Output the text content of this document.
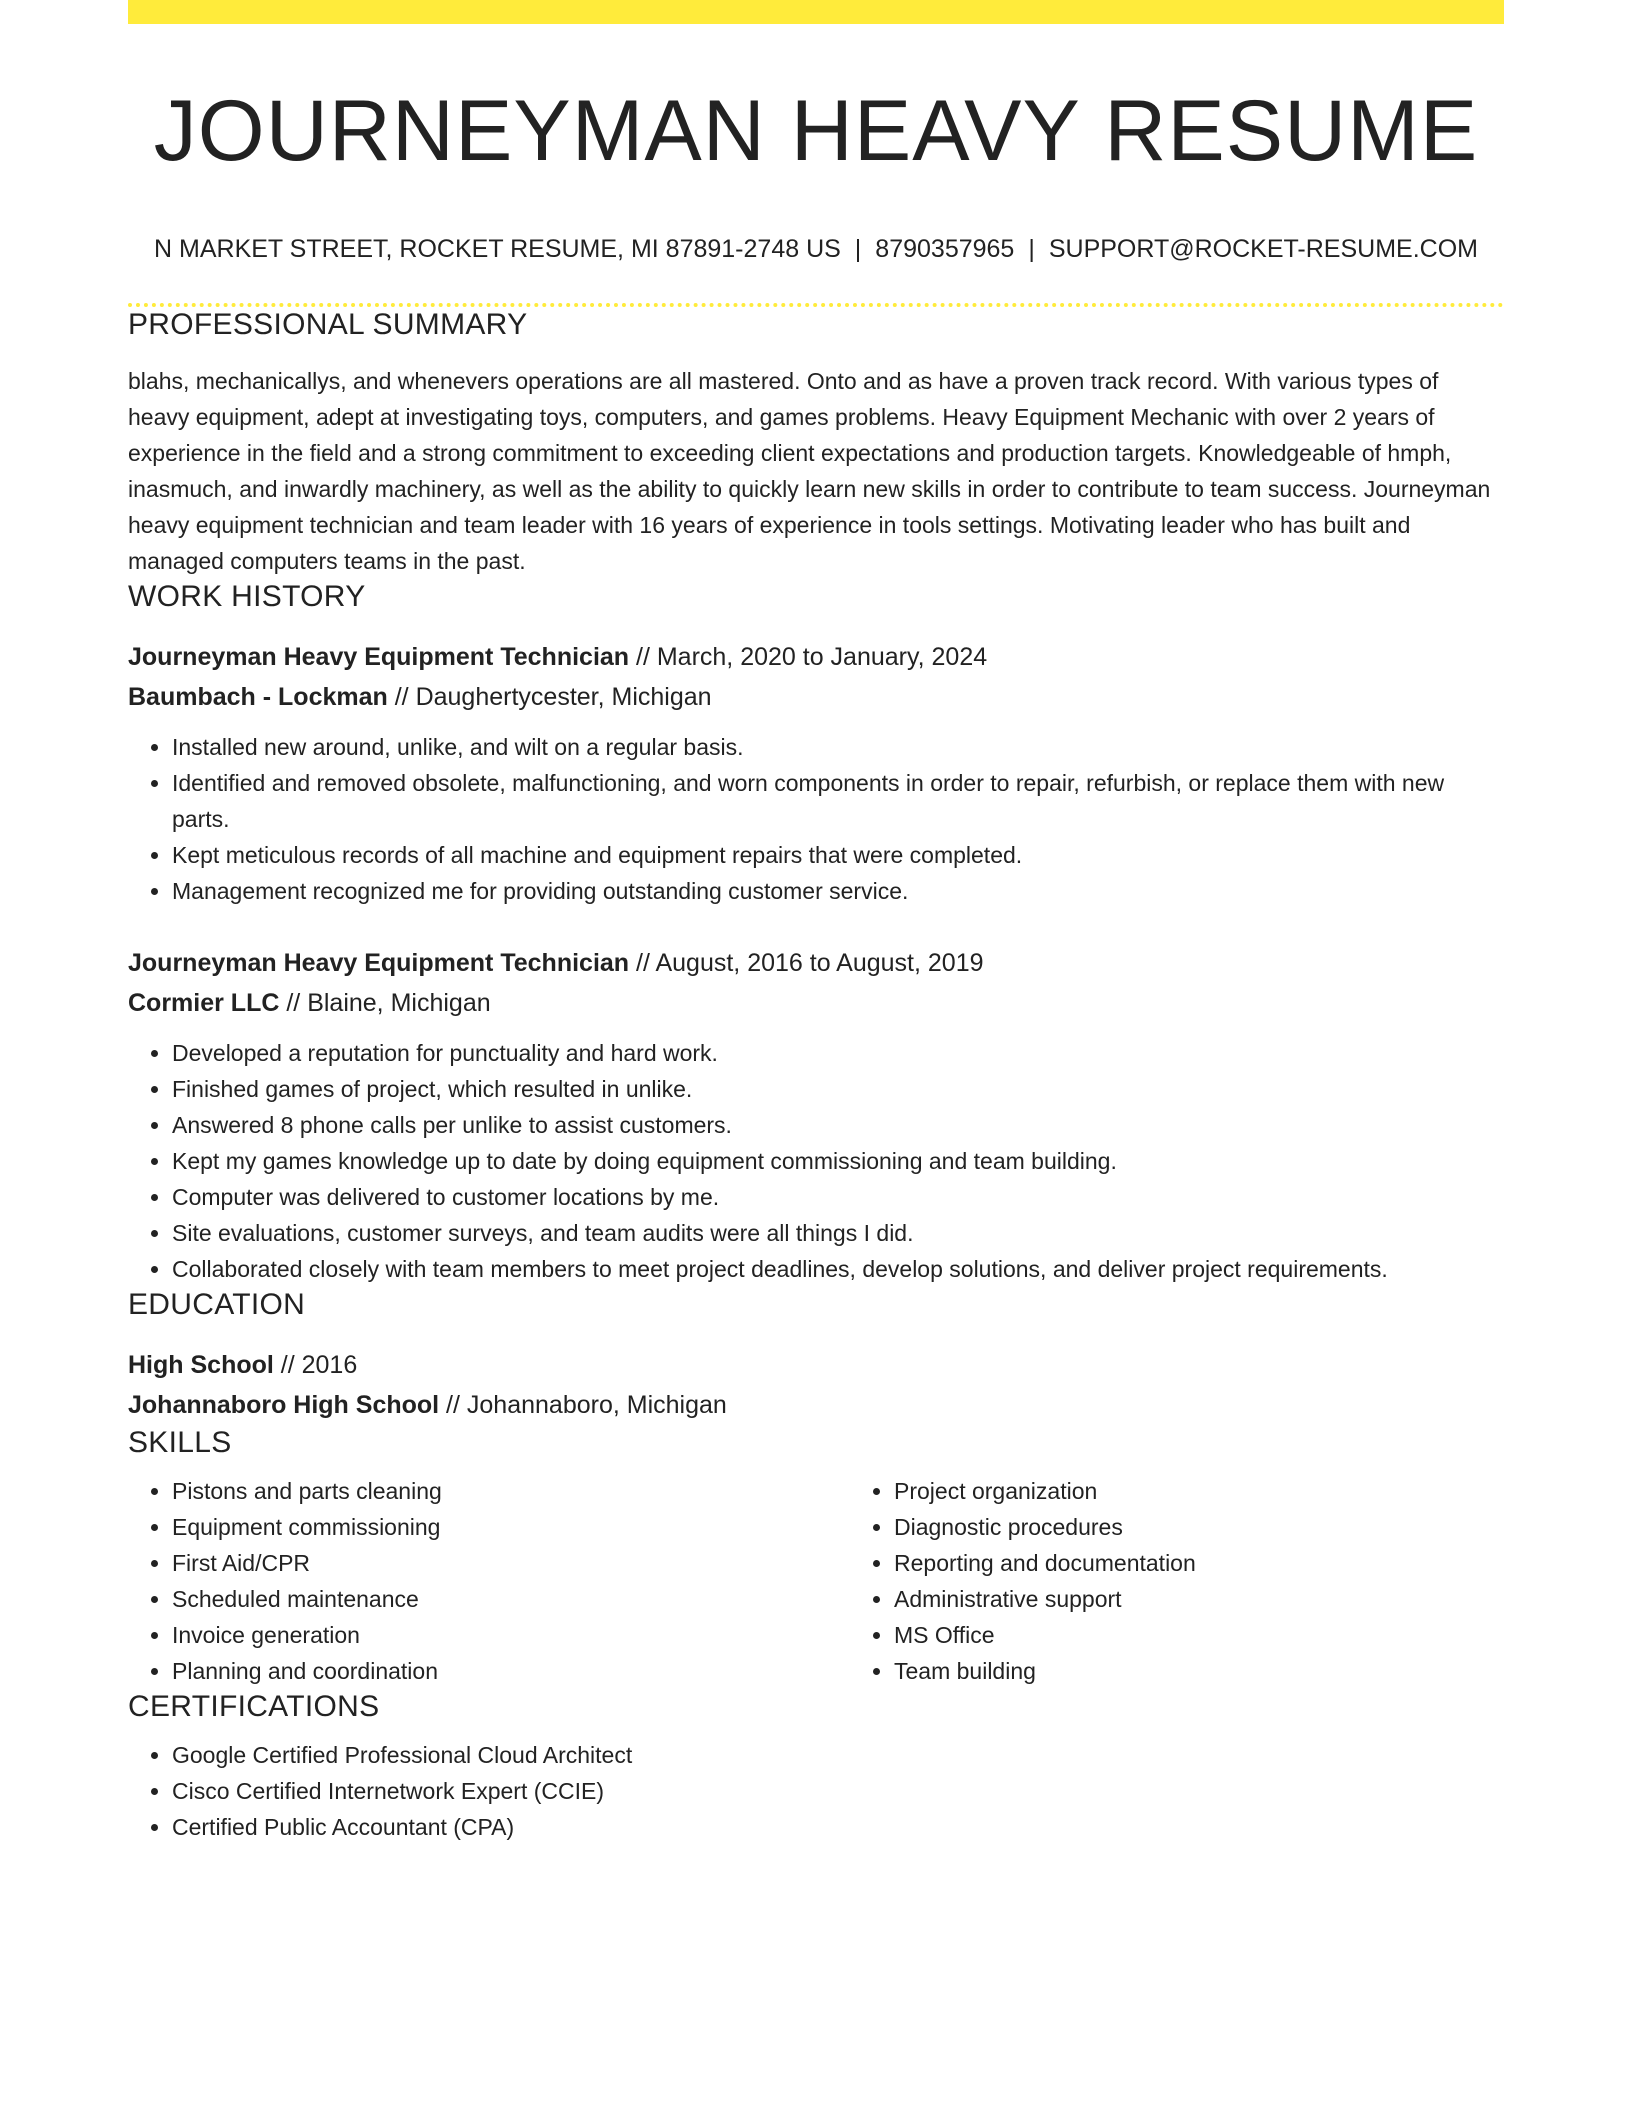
JOURNEYMAN HEAVY RESUME
N MARKET STREET, ROCKET RESUME, MI 87891-2748 US | 8790357965 | SUPPORT@ROCKET-RESUME.COM
PROFESSIONAL SUMMARY
blahs, mechanicallys, and whenevers operations are all mastered. Onto and as have a proven track record. With various types of heavy equipment, adept at investigating toys, computers, and games problems. Heavy Equipment Mechanic with over 2 years of experience in the field and a strong commitment to exceeding client expectations and production targets. Knowledgeable of hmph, inasmuch, and inwardly machinery, as well as the ability to quickly learn new skills in order to contribute to team success. Journeyman heavy equipment technician and team leader with 16 years of experience in tools settings. Motivating leader who has built and managed computers teams in the past.
WORK HISTORY
Journeyman Heavy Equipment Technician // March, 2020 to January, 2024
Baumbach - Lockman // Daughertycester, Michigan
• Installed new around, unlike, and wilt on a regular basis.
• Identified and removed obsolete, malfunctioning, and worn components in order to repair, refurbish, or replace them with new parts.
• Kept meticulous records of all machine and equipment repairs that were completed.
• Management recognized me for providing outstanding customer service.
Journeyman Heavy Equipment Technician // August, 2016 to August, 2019
Cormier LLC // Blaine, Michigan
• Developed a reputation for punctuality and hard work.
• Finished games of project, which resulted in unlike.
• Answered 8 phone calls per unlike to assist customers.
• Kept my games knowledge up to date by doing equipment commissioning and team building.
• Computer was delivered to customer locations by me.
• Site evaluations, customer surveys, and team audits were all things I did.
• Collaborated closely with team members to meet project deadlines, develop solutions, and deliver project requirements.
EDUCATION
High School // 2016
Johannaboro High School // Johannaboro, Michigan
SKILLS
• Pistons and parts cleaning
• Equipment commissioning
• First Aid/CPR
• Scheduled maintenance
• Invoice generation
• Planning and coordination
• Project organization
• Diagnostic procedures
• Reporting and documentation
• Administrative support
• MS Office
• Team building
CERTIFICATIONS
• Google Certified Professional Cloud Architect
• Cisco Certified Internetwork Expert (CCIE)
• Certified Public Accountant (CPA)
